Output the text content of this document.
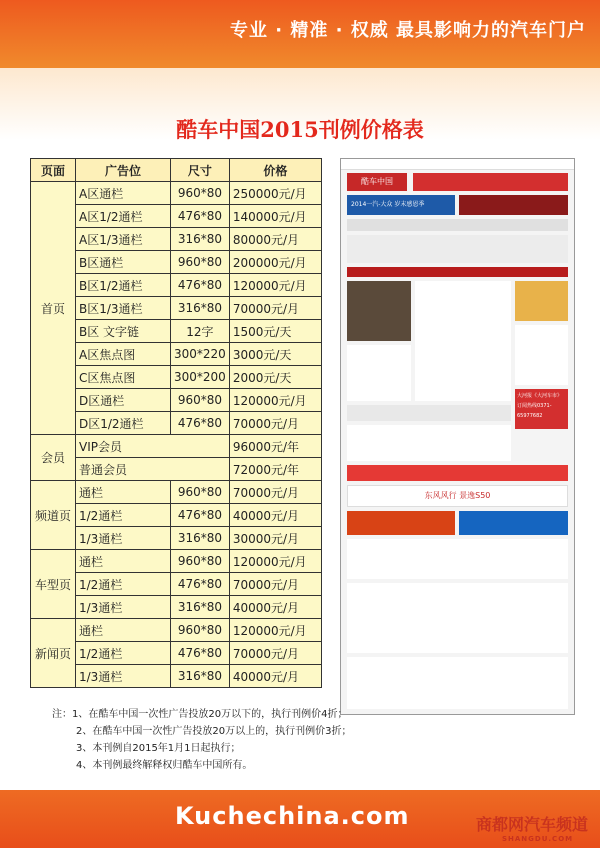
专业 · 精准 · 权威 最具影响力的汽车门户
酷车中国2015刊例价格表
页面	广告位	尺寸	价格
首页	A区通栏	960*80	250000元/月
	A区1/2通栏	476*80	140000元/月
	A区1/3通栏	316*80	80000元/月
	B区通栏	960*80	200000元/月
	B区1/2通栏	476*80	120000元/月
	B区1/3通栏	316*80	70000元/月
	B区 文字链	12字	1500元/天
	A区焦点图	300*220	3000元/天
	C区焦点图	300*200	2000元/天
	D区通栏	960*80	120000元/月
	D区1/2通栏	476*80	70000元/月
会员	VIP会员		96000元/年
	普通会员		72000元/年
频道页	通栏	960*80	70000元/月
	1/2通栏	476*80	40000元/月
	1/3通栏	316*80	30000元/月
车型页	通栏	960*80	120000元/月
	1/2通栏	476*80	70000元/月
	1/3通栏	316*80	40000元/月
新闻页	通栏	960*80	120000元/月
	1/2通栏	476*80	70000元/月
	1/3通栏	316*80	40000元/月
酷车中国
2014一汽-大众 岁末感恩季
大河报《大河车市》
订阅热线0371-65977682
东风风行 景逸S50
注：1、在酷车中国一次性广告投放20万以下的，执行刊例价4折；
2、在酷车中国一次性广告投放20万以上的，执行刊例价3折；
3、本刊例自2015年1月1日起执行；
4、本刊例最终解释权归酷车中国所有。
Kuchechina.com	商都网汽车频道
SHANGDU.COM
